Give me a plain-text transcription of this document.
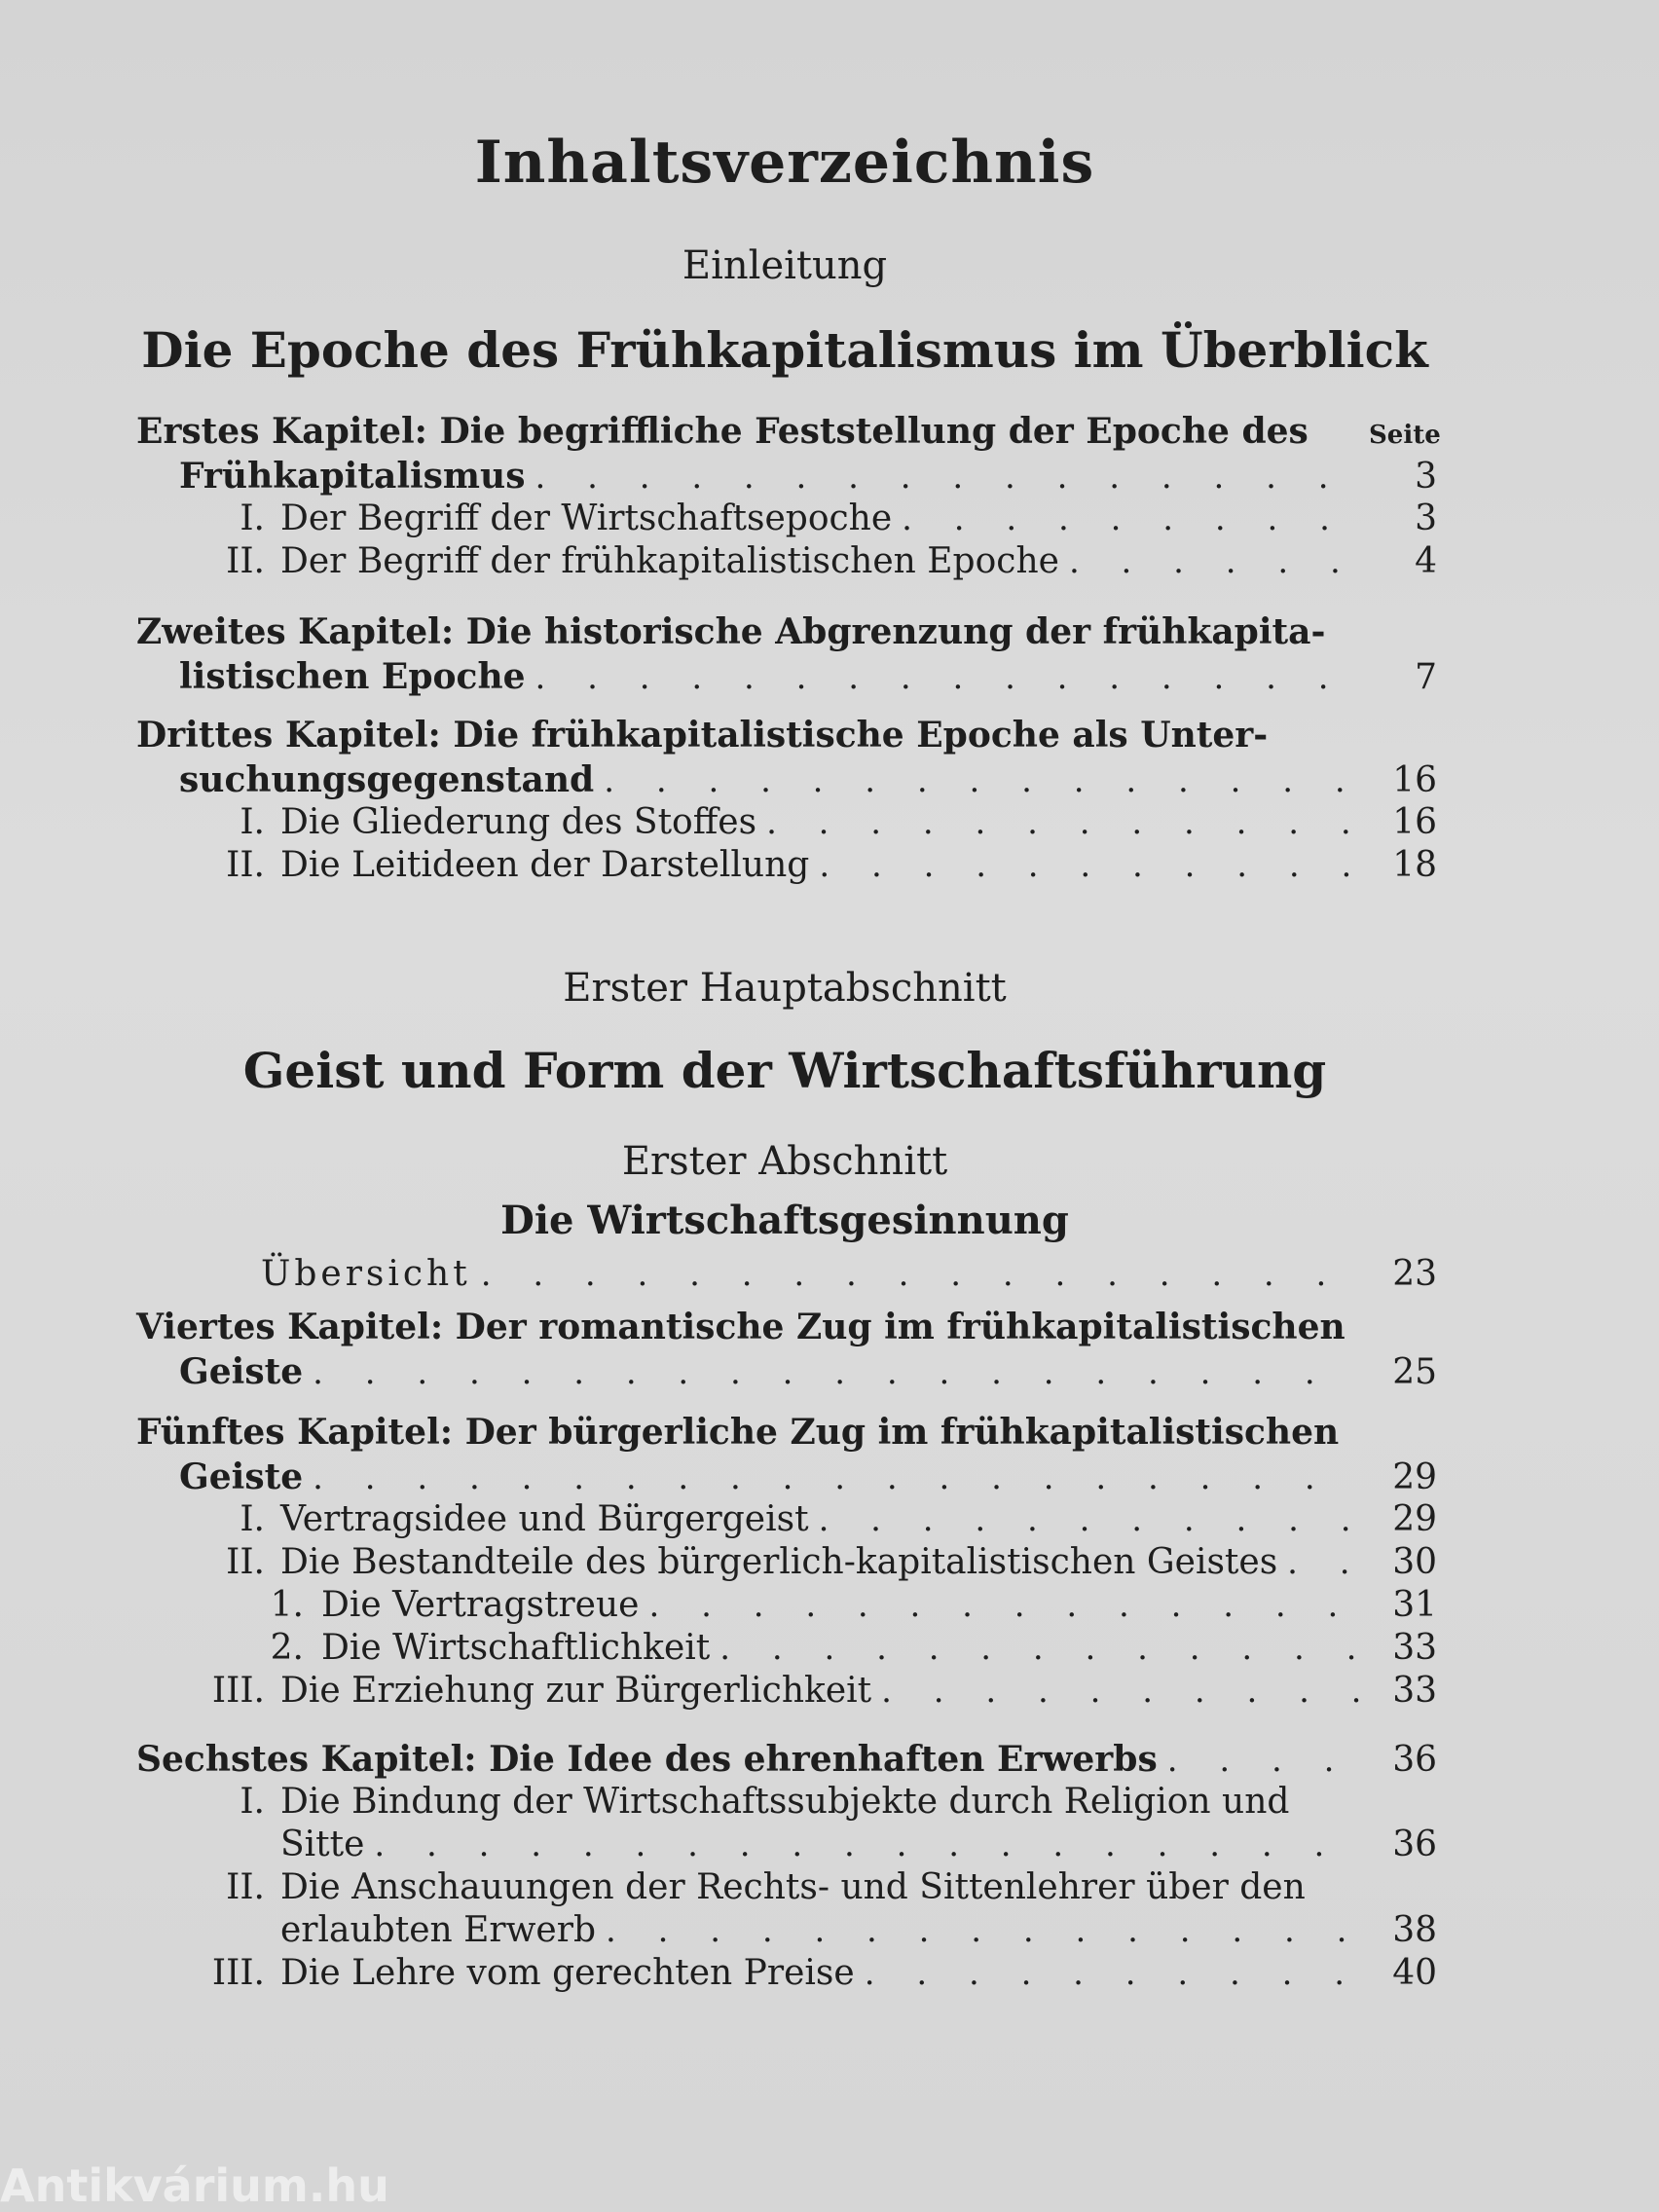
Inhaltsverzeichnis
Einleitung
Die Epoche des Frühkapitalismus im Überblick
Erstes Kapitel: Die begriffliche Feststellung der Epoche des Seite
Frühkapitalismus . . .	3
I. Der Begriff der Wirtschaftsepoche . . .	3
II. Der Begriff der frühkapitalistischen Epoche . . .	4
Zweites Kapitel: Die historische Abgrenzung der frühkapita-
listischen Epoche . . .	7
Drittes Kapitel: Die frühkapitalistische Epoche als Unter-
suchungsgegenstand . . .	16
I. Die Gliederung des Stoffes . . .	16
II. Die Leitideen der Darstellung . . .	18
Erster Hauptabschnitt
Geist und Form der Wirtschaftsführung
Erster Abschnitt
Die Wirtschaftsgesinnung
Übersicht . . .	23
Viertes Kapitel: Der romantische Zug im frühkapitalistischen
Geiste . . .	25
Fünftes Kapitel: Der bürgerliche Zug im frühkapitalistischen
Geiste . . .	29
I. Vertragsidee und Bürgergeist . . .	29
II. Die Bestandteile des bürgerlich-kapitalistischen Geistes . . .	30
1. Die Vertragstreue . . .	31
2. Die Wirtschaftlichkeit . . .	33
III. Die Erziehung zur Bürgerlichkeit . . .	33
Sechstes Kapitel: Die Idee des ehrenhaften Erwerbs . . .	36
I. Die Bindung der Wirtschaftssubjekte durch Religion und
Sitte . . .	36
II. Die Anschauungen der Rechts- und Sittenlehrer über den
erlaubten Erwerb . . .	38
III. Die Lehre vom gerechten Preise . . .	40
Antikvárium.hu
